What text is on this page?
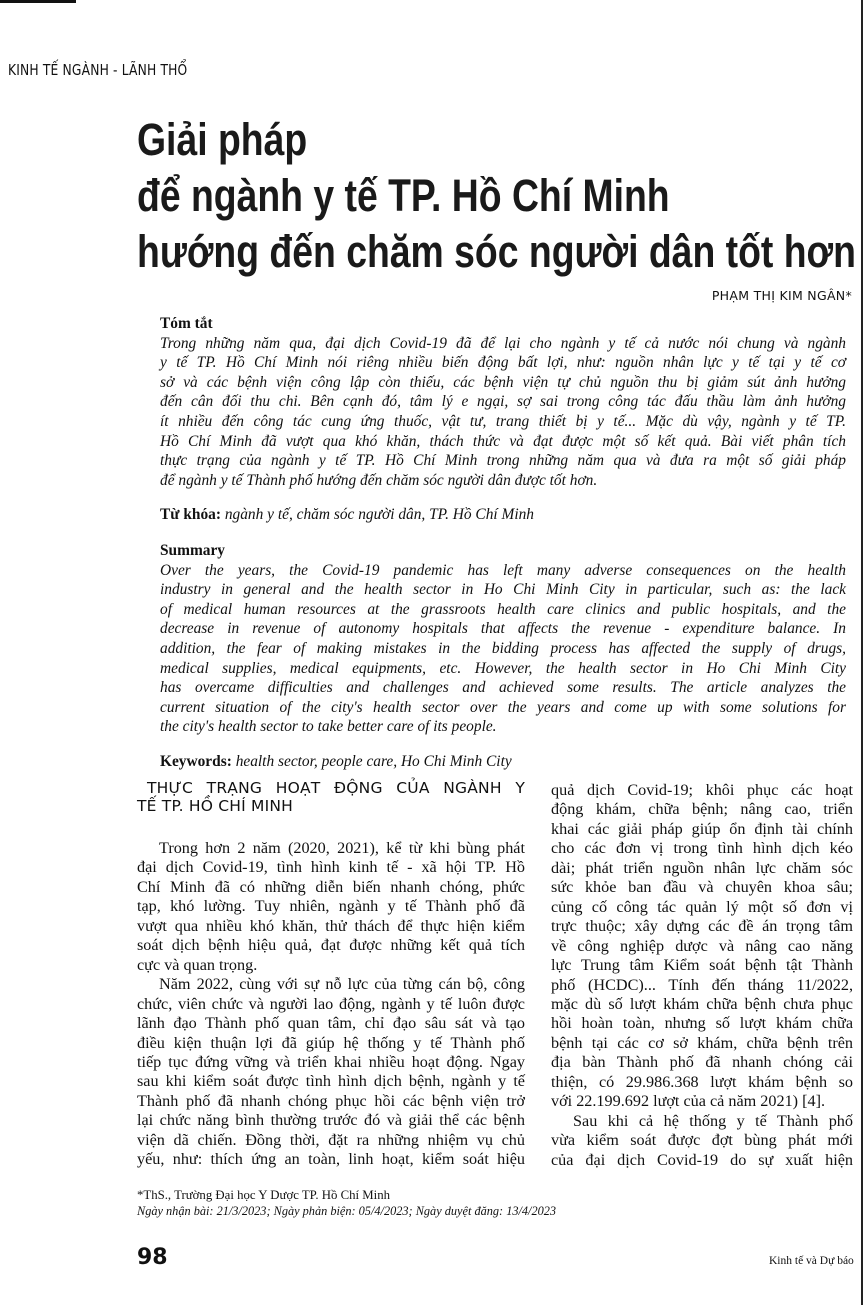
KINH TẾ NGÀNH - LÃNH THỔ
Giải pháp
để ngành y tế TP. Hồ Chí Minh
hướng đến chăm sóc người dân tốt hơn
PHẠM THỊ KIM NGÂN*
Tóm tắt
Trong những năm qua, đại dịch Covid-19 đã để lại cho ngành y tế cả nước nói chung và ngành
y tế TP. Hồ Chí Minh nói riêng nhiều biến động bất lợi, như: nguồn nhân lực y tế tại y tế cơ
sở và các bệnh viện công lập còn thiếu, các bệnh viện tự chủ nguồn thu bị giảm sút ảnh hưởng
đến cân đối thu chi. Bên cạnh đó, tâm lý e ngại, sợ sai trong công tác đấu thầu làm ảnh hưởng
ít nhiều đến công tác cung ứng thuốc, vật tư, trang thiết bị y tế... Mặc dù vậy, ngành y tế TP.
Hồ Chí Minh đã vượt qua khó khăn, thách thức và đạt được một số kết quả. Bài viết phân tích
thực trạng của ngành y tế TP. Hồ Chí Minh trong những năm qua và đưa ra một số giải pháp
để ngành y tế Thành phố hướng đến chăm sóc người dân được tốt hơn.
Từ khóa: ngành y tế, chăm sóc người dân, TP. Hồ Chí Minh
Summary
Over the years, the Covid-19 pandemic has left many adverse consequences on the health
industry in general and the health sector in Ho Chi Minh City in particular, such as: the lack
of medical human resources at the grassroots health care clinics and public hospitals, and the
decrease in revenue of autonomy hospitals that affects the revenue - expenditure balance. In
addition, the fear of making mistakes in the bidding process has affected the supply of drugs,
medical supplies, medical equipments, etc. However, the health sector in Ho Chi Minh City
has overcame difficulties and challenges and achieved some results. The article analyzes the
current situation of the city's health sector over the years and come up with some solutions for
the city's health sector to take better care of its people.
Keywords: health sector, people care, Ho Chi Minh City
THỰC TRẠNG HOẠT ĐỘNG CỦA NGÀNH Y
TẾ TP. HỒ CHÍ MINH
Trong hơn 2 năm (2020, 2021), kể từ khi bùng phát
đại dịch Covid-19, tình hình kinh tế - xã hội TP. Hồ
Chí Minh đã có những diễn biến nhanh chóng, phức
tạp, khó lường. Tuy nhiên, ngành y tế Thành phố đã
vượt qua nhiều khó khăn, thử thách để thực hiện kiểm
soát dịch bệnh hiệu quả, đạt được những kết quả tích
cực và quan trọng.
Năm 2022, cùng với sự nỗ lực của từng cán bộ, công
chức, viên chức và người lao động, ngành y tế luôn được
lãnh đạo Thành phố quan tâm, chỉ đạo sâu sát và tạo
điều kiện thuận lợi đã giúp hệ thống y tế Thành phố
tiếp tục đứng vững và triển khai nhiều hoạt động. Ngay
sau khi kiểm soát được tình hình dịch bệnh, ngành y tế
Thành phố đã nhanh chóng phục hồi các bệnh viện trở
lại chức năng bình thường trước đó và giải thể các bệnh
viện dã chiến. Đồng thời, đặt ra những nhiệm vụ chủ
yếu, như: thích ứng an toàn, linh hoạt, kiểm soát hiệu
quả dịch Covid-19; khôi phục các hoạt
động khám, chữa bệnh; nâng cao, triển
khai các giải pháp giúp ổn định tài chính
cho các đơn vị trong tình hình dịch kéo
dài; phát triển nguồn nhân lực chăm sóc
sức khỏe ban đầu và chuyên khoa sâu;
củng cố công tác quản lý một số đơn vị
trực thuộc; xây dựng các đề án trọng tâm
về công nghiệp dược và nâng cao năng
lực Trung tâm Kiểm soát bệnh tật Thành
phố (HCDC)... Tính đến tháng 11/2022,
mặc dù số lượt khám chữa bệnh chưa phục
hồi hoàn toàn, nhưng số lượt khám chữa
bệnh tại các cơ sở khám, chữa bệnh trên
địa bàn Thành phố đã nhanh chóng cải
thiện, có 29.986.368 lượt khám bệnh so
với 22.199.692 lượt của cả năm 2021) [4].
Sau khi cả hệ thống y tế Thành phố
vừa kiểm soát được đợt bùng phát mới
của đại dịch Covid-19 do sự xuất hiện
*ThS., Trường Đại học Y Dược TP. Hồ Chí Minh
Ngày nhận bài: 21/3/2023; Ngày phản biện: 05/4/2023; Ngày duyệt đăng: 13/4/2023
98	Kinh tế và Dự báo
